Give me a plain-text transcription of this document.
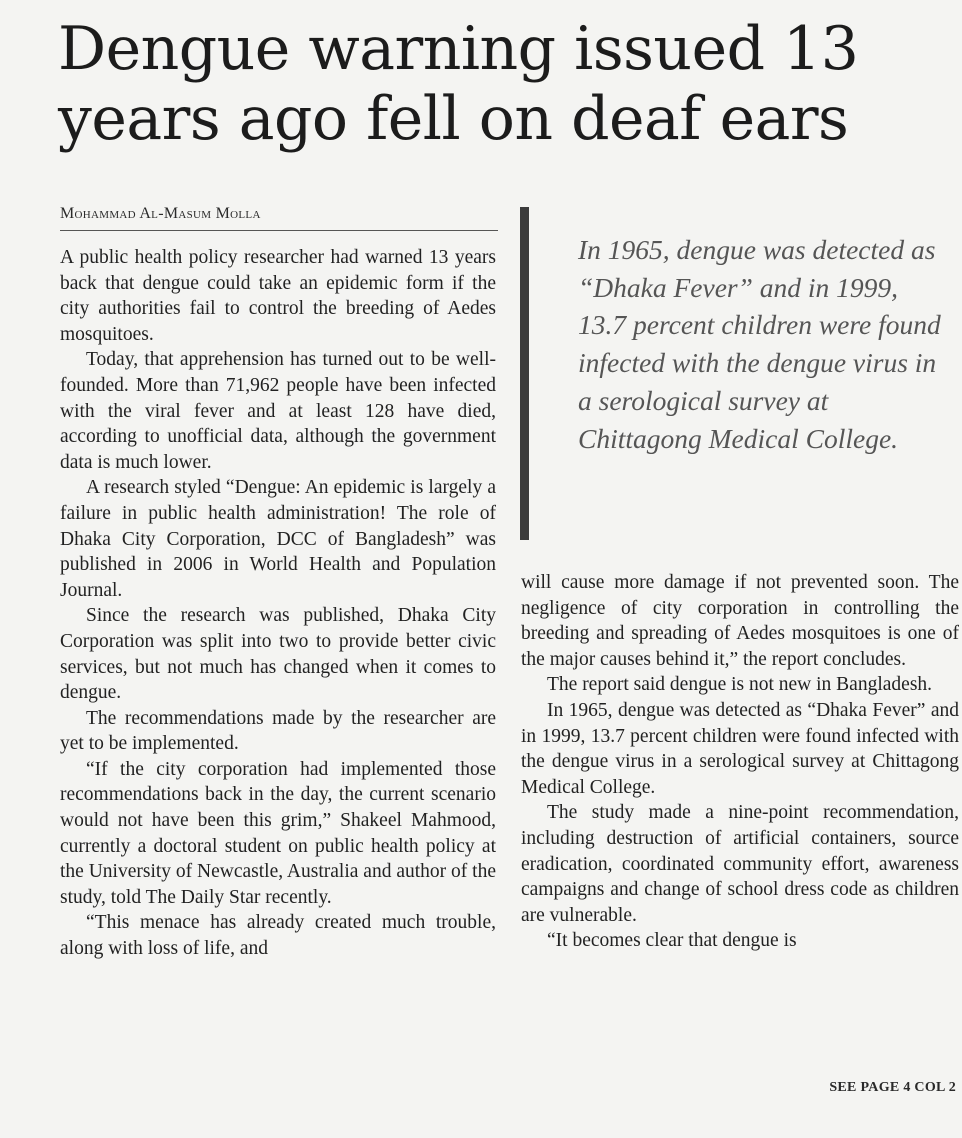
Dengue warning issued 13 years ago fell on deaf ears
Mohammad Al-Masum Molla

A public health policy researcher had warned 13 years back that dengue could take an epidemic form if the city authorities fail to control the breeding of Aedes mosquitoes.

Today, that apprehension has turned out to be well-founded. More than 71,962 people have been infected with the viral fever and at least 128 have died, according to unofficial data, although the government data is much lower.

A research styled “Dengue: An epidemic is largely a failure in public health administration! The role of Dhaka City Corporation, DCC of Bangladesh” was published in 2006 in World Health and Population Journal.

Since the research was published, Dhaka City Corporation was split into two to provide better civic services, but not much has changed when it comes to dengue.

The recommendations made by the researcher are yet to be implemented.

“If the city corporation had implemented those recommendations back in the day, the current scenario would not have been this grim,” Shakeel Mahmood, currently a doctoral student on public health policy at the University of Newcastle, Australia and author of the study, told The Daily Star recently.

“This menace has already created much trouble, along with loss of life, and

In 1965, dengue was detected as “Dhaka Fever” and in 1999, 13.7 percent children were found infected with the dengue virus in a serological survey at Chittagong Medical College.

will cause more damage if not prevented soon. The negligence of city corporation in controlling the breeding and spreading of Aedes mosquitoes is one of the major causes behind it,” the report concludes.

The report said dengue is not new in Bangladesh.

In 1965, dengue was detected as “Dhaka Fever” and in 1999, 13.7 percent children were found infected with the dengue virus in a serological survey at Chittagong Medical College.

The study made a nine-point recommendation, including destruction of artificial containers, source eradication, coordinated community effort, awareness campaigns and change of school dress code as children are vulnerable.

“It becomes clear that dengue is

SEE PAGE 4 COL 2
